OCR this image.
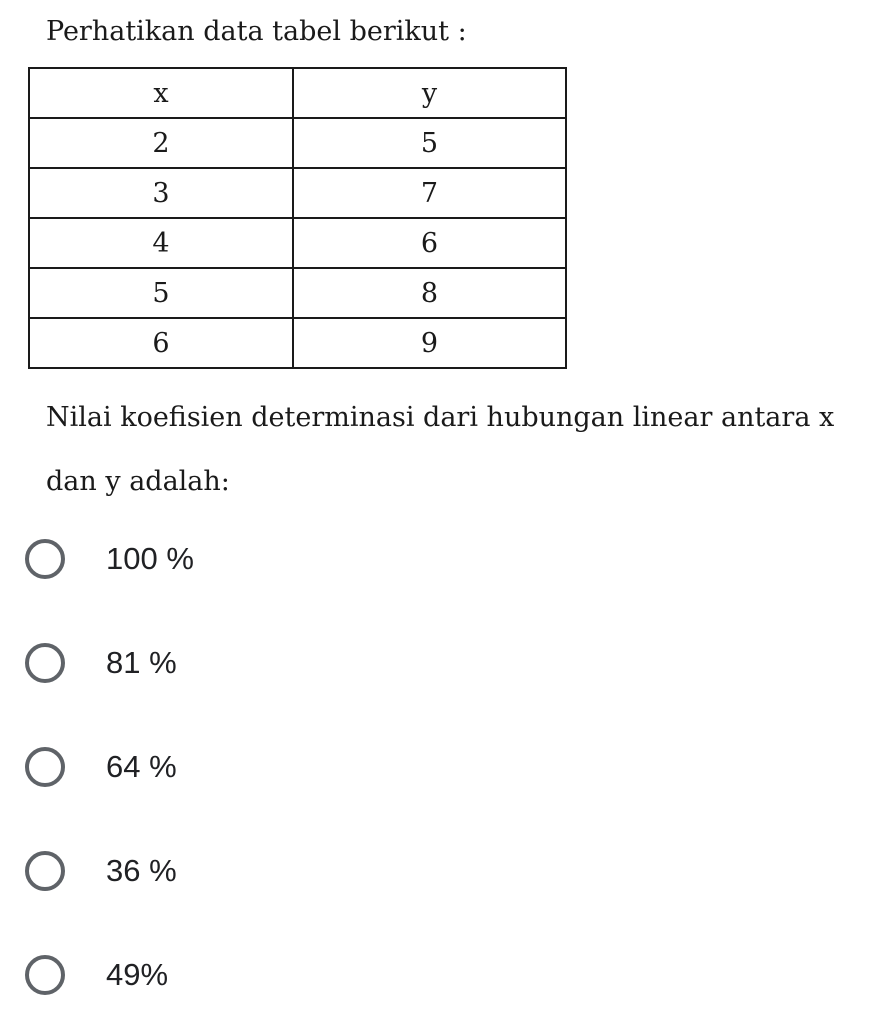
Perhatikan data tabel berikut :
x	y
2	5
3	7
4	6
5	8
6	9
Nilai koefisien determinasi dari hubungan linear antara x dan y adalah:
100 %
81 %
64 %
36 %
49%
